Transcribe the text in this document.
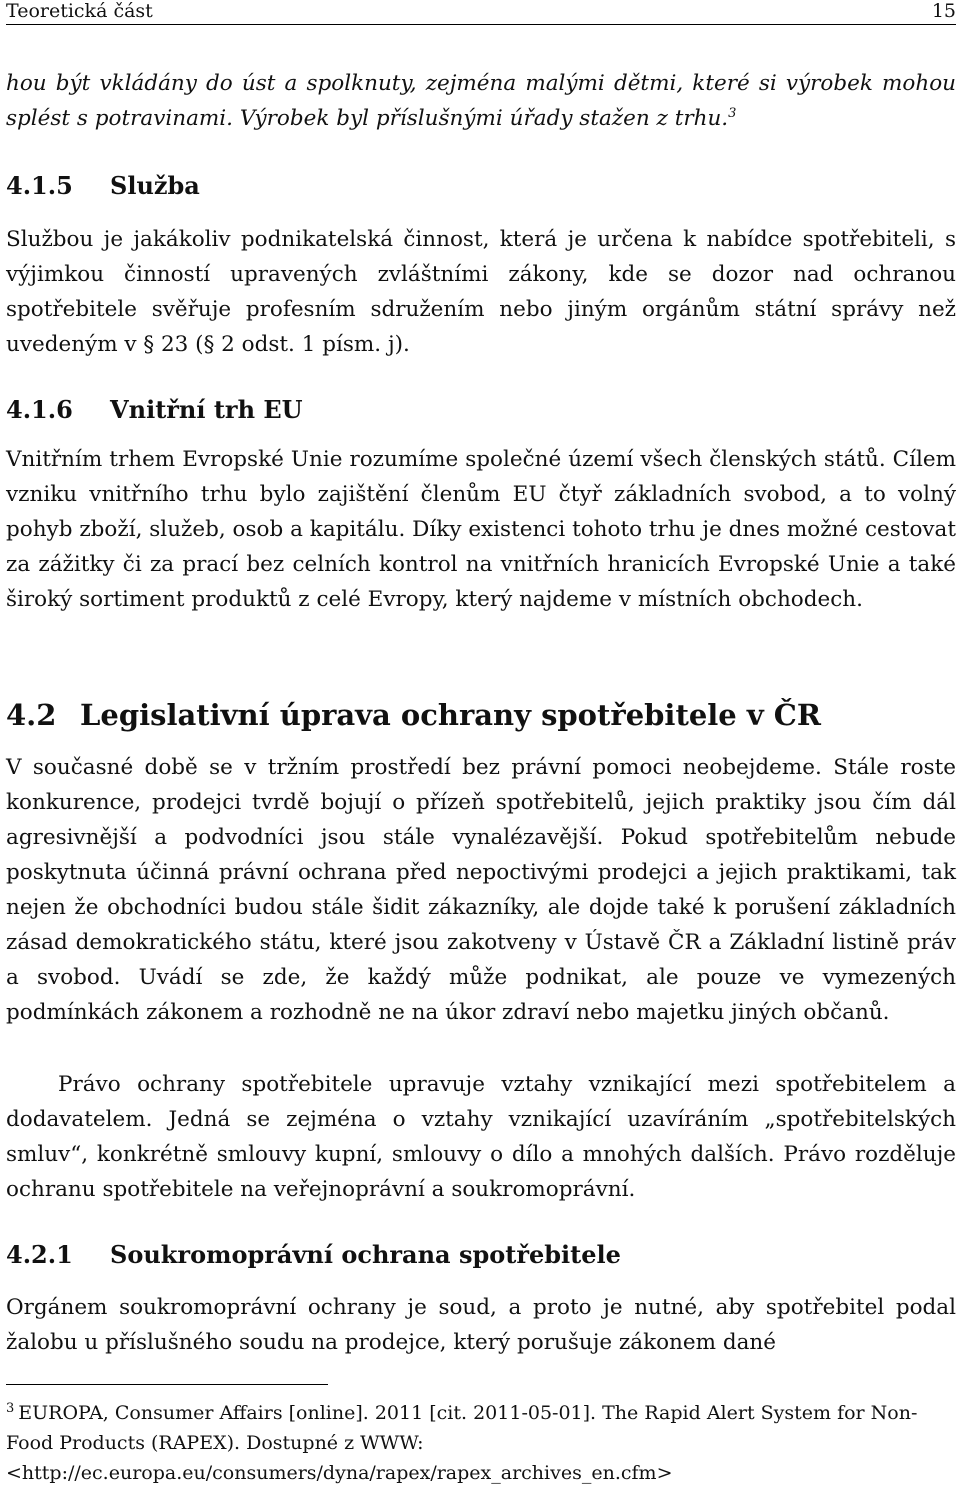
Teoretická část	15

hou být vkládány do úst a spolknuty, zejména malými dětmi, které si výrobek mohou splést s potravinami. Výrobek byl příslušnými úřady stažen z trhu.$^3$

4.1.5 Služba

Službou je jakákoliv podnikatelská činnost, která je určena k nabídce spotřebiteli, s výjimkou činností upravených zvláštními zákony, kde se dozor nad ochranou spotřebitele svěřuje profesním sdružením nebo jiným orgánům státní správy než uvedeným v § 23 (§ 2 odst. 1 písm. j).

4.1.6 Vnitřní trh EU

Vnitřním trhem Evropské Unie rozumíme společné území všech členských států. Cílem vzniku vnitřního trhu bylo zajištění členům EU čtyř základních svobod, a to volný pohyb zboží, služeb, osob a kapitálu. Díky existenci tohoto trhu je dnes možné cestovat za zážitky či za prací bez celních kontrol na vnitřních hranicích Evropské Unie a také široký sortiment produktů z celé Evropy, který najdeme v místních obchodech.

4.2 Legislativní úprava ochrany spotřebitele v ČR

V současné době se v tržním prostředí bez právní pomoci neobejdeme. Stále roste konkurence, prodejci tvrdě bojují o přízeň spotřebitelů, jejich praktiky jsou čím dál agresivnější a podvodníci jsou stále vynalézavější. Pokud spotřebitelům nebude poskytnuta účinná právní ochrana před nepoctivými prodejci a jejich praktikami, tak nejen že obchodníci budou stále šidit zákazníky, ale dojde také k porušení základních zásad demokratického státu, které jsou zakotveny v Ústavě ČR a Základní listině práv a svobod. Uvádí se zde, že každý může podnikat, ale pouze ve vymezených podmínkách zákonem a rozhodně ne na úkor zdraví nebo majetku jiných občanů.

Právo ochrany spotřebitele upravuje vztahy vznikající mezi spotřebitelem a dodavatelem. Jedná se zejména o vztahy vznikající uzavíráním „spotřebitelských smluv“, konkrétně smlouvy kupní, smlouvy o dílo a mnohých dalších. Právo rozděluje ochranu spotřebitele na veřejnoprávní a soukromoprávní.

4.2.1 Soukromoprávní ochrana spotřebitele

Orgánem soukromoprávní ochrany je soud, a proto je nutné, aby spotřebitel podal žalobu u příslušného soudu na prodejce, který porušuje zákonem dané

$^3$ EUROPA, Consumer Affairs [online]. 2011 [cit. 2011-05-01]. The Rapid Alert System for Non-Food Products (RAPEX). Dostupné z WWW:
<http://ec.europa.eu/consumers/dyna/rapex/rapex_archives_en.cfm>
